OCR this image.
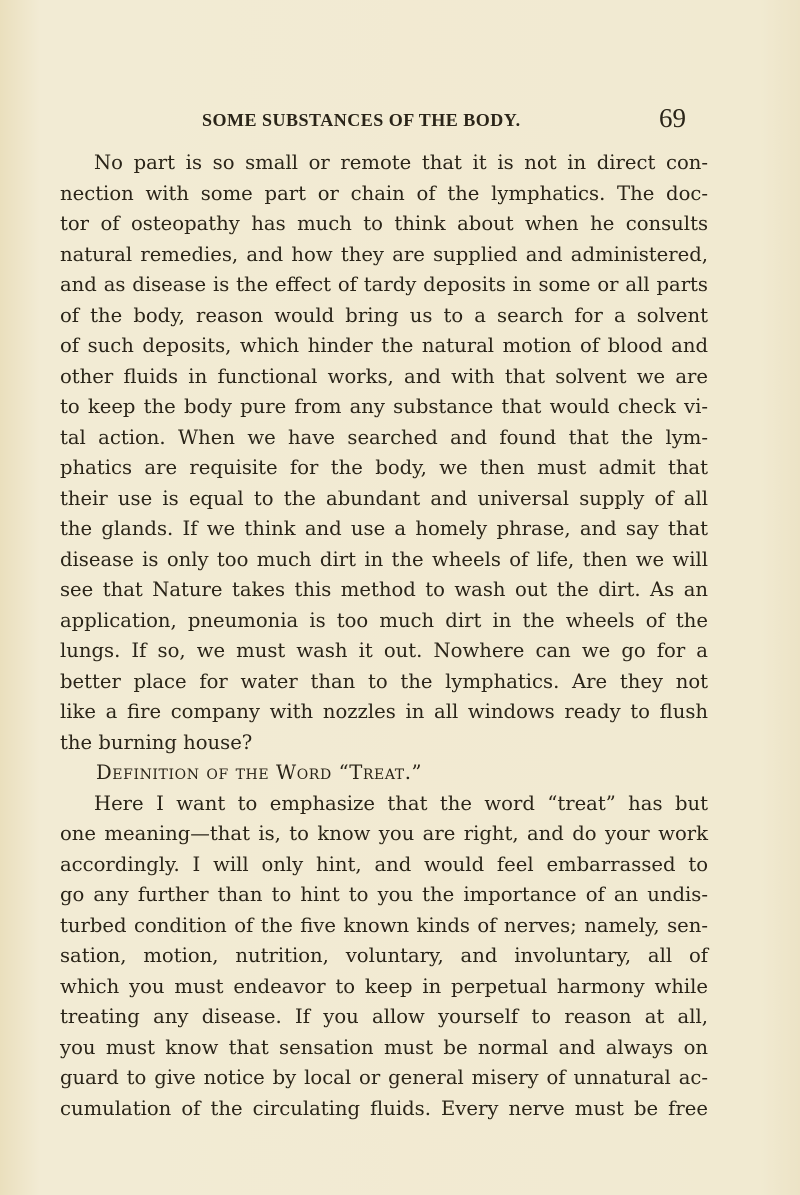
SOME SUBSTANCES OF THE BODY.	69
No part is so small or remote that it is not in direct con-
nection with some part or chain of the lymphatics. The doc-
tor of osteopathy has much to think about when he consults
natural remedies, and how they are supplied and administered,
and as disease is the effect of tardy deposits in some or all parts
of the body, reason would bring us to a search for a solvent
of such deposits, which hinder the natural motion of blood and
other fluids in functional works, and with that solvent we are
to keep the body pure from any substance that would check vi-
tal action. When we have searched and found that the lym-
phatics are requisite for the body, we then must admit that
their use is equal to the abundant and universal supply of all
the glands. If we think and use a homely phrase, and say that
disease is only too much dirt in the wheels of life, then we will
see that Nature takes this method to wash out the dirt. As an
application, pneumonia is too much dirt in the wheels of the
lungs. If so, we must wash it out. Nowhere can we go for a
better place for water than to the lymphatics. Are they not
like a fire company with nozzles in all windows ready to flush
the burning house?
Definition of the Word “Treat.”
Here I want to emphasize that the word “treat” has but
one meaning—that is, to know you are right, and do your work
accordingly. I will only hint, and would feel embarrassed to
go any further than to hint to you the importance of an undis-
turbed condition of the five known kinds of nerves; namely, sen-
sation, motion, nutrition, voluntary, and involuntary, all of
which you must endeavor to keep in perpetual harmony while
treating any disease. If you allow yourself to reason at all,
you must know that sensation must be normal and always on
guard to give notice by local or general misery of unnatural ac-
cumulation of the circulating fluids. Every nerve must be free
